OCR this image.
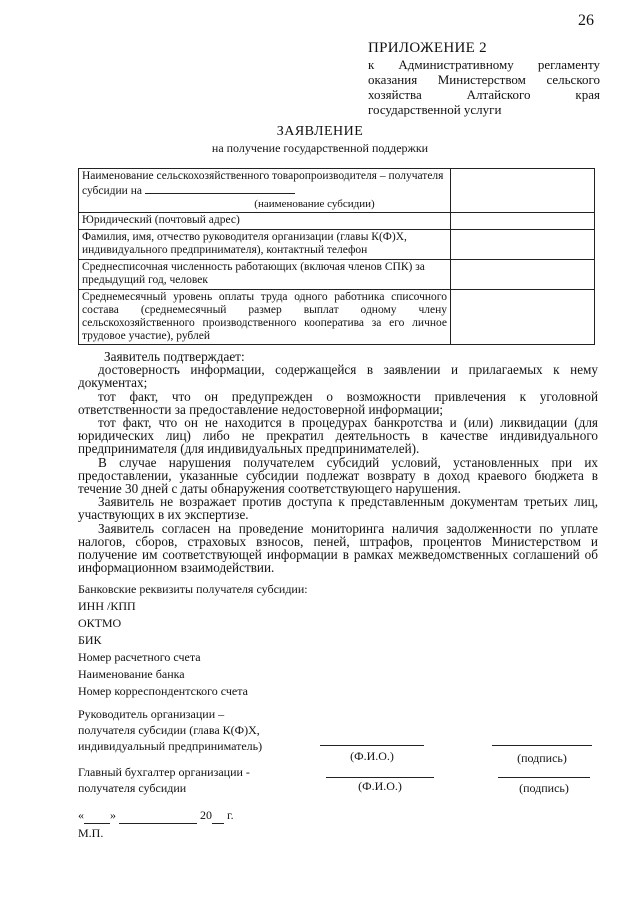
26
ПРИЛОЖЕНИЕ 2
к Административному регламенту оказания Министерством сельского хозяйства Алтайского края государственной услуги
ЗАЯВЛЕНИЕ
на получение государственной поддержки
Наименование сельскохозяйственного товаропроизводителя – получателя субсидии на
(наименование субсидии)	

Юридический (почтовый адрес)	
Фамилия, имя, отчество руководителя организации (главы К(Ф)Х, индивидуального предпринимателя), контактный телефон	
Среднесписочная численность работающих (включая членов СПК) за предыдущий год, человек	
Среднемесячный уровень оплаты труда одного работника списочного состава (среднемесячный размер выплат одному члену сельскохозяйственного производственного кооператива за его личное трудовое участие), рублей	

Заявитель подтверждает:

достоверность информации, содержащейся в заявлении и прилагаемых к нему документах;

тот факт, что он предупрежден о возможности привлечения к уголовной ответственности за предоставление недостоверной информации;

тот факт, что он не находится в процедурах банкротства и (или) ликвидации (для юридических лиц) либо не прекратил деятельность в качестве индивидуального предпринимателя (для индивидуальных предпринимателей).

В случае нарушения получателем субсидий условий, установленных при их предоставлении, указанные субсидии подлежат возврату в доход краевого бюджета в течение 30 дней с даты обнаружения соответствующего нарушения.

Заявитель не возражает против доступа к представленным документам третьих лиц, участвующих в их экспертизе.

Заявитель согласен на проведение мониторинга наличия задолженности по уплате налогов, сборов, страховых взносов, пеней, штрафов, процентов Министерством и получение им соответствующей информации в рамках межведомственных соглашений об информационном взаимодействии.

Банковские реквизиты получателя субсидии:
ИНН /КПП
ОКТМО
БИК
Номер расчетного счета
Наименование банка
Номер корреспондентского счета
Руководитель организации –
получателя субсидии (глава К(Ф)Х,
индивидуальный предприниматель)
(Ф.И.О.)	(подпись)
Главный бухгалтер организации -
получателя субсидии	(Ф.И.О.)	(подпись)
« »	20  г.
М.П.
